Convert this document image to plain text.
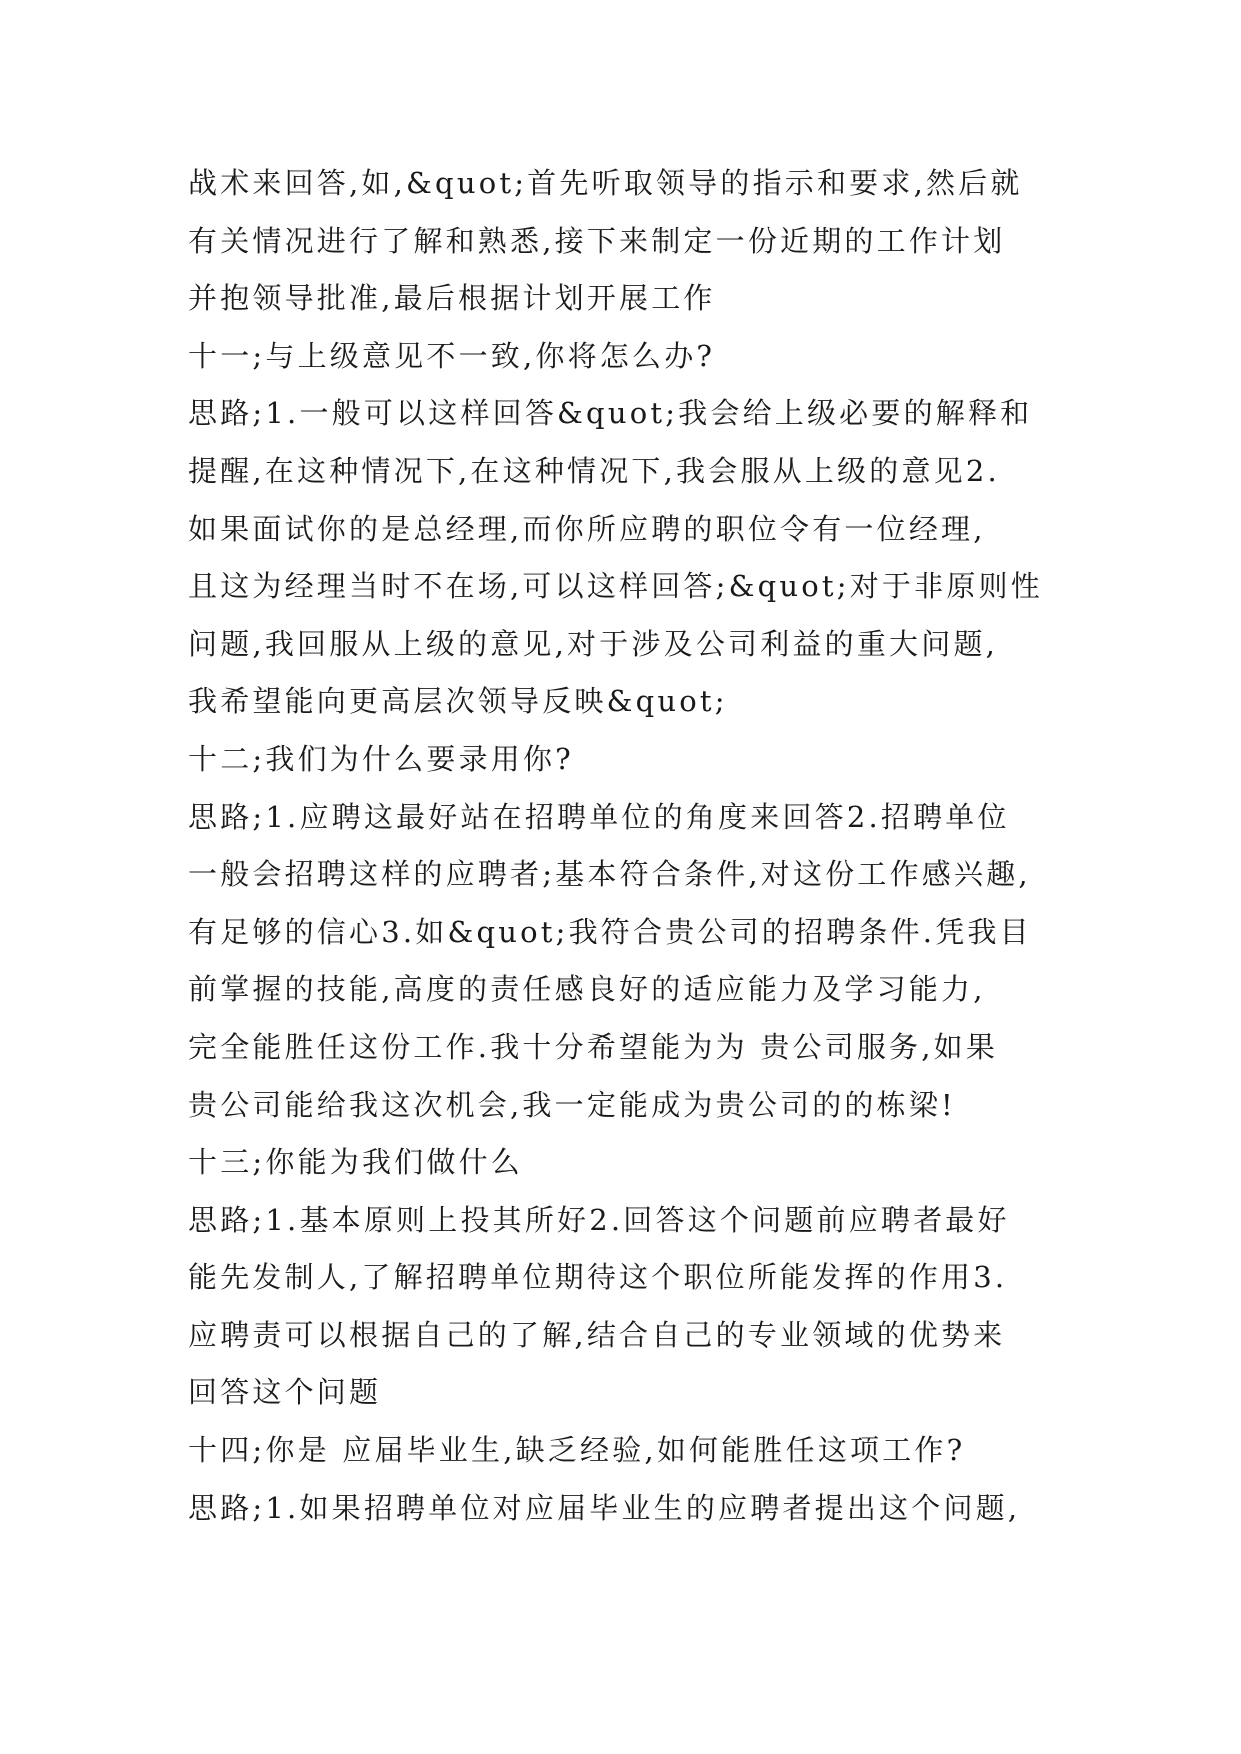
战术来回答,如,&quot;首先听取领导的指示和要求,然后就
有关情况进行了解和熟悉,接下来制定一份近期的工作计划
并抱领导批准,最后根据计划开展工作
十一;与上级意见不一致,你将怎么办?
思路;1.一般可以这样回答&quot;我会给上级必要的解释和
提醒,在这种情况下,在这种情况下,我会服从上级的意见2.
如果面试你的是总经理,而你所应聘的职位令有一位经理,
且这为经理当时不在场,可以这样回答;&quot;对于非原则性
问题,我回服从上级的意见,对于涉及公司利益的重大问题,
我希望能向更高层次领导反映&quot;
十二;我们为什么要录用你?
思路;1.应聘这最好站在招聘单位的角度来回答2.招聘单位
一般会招聘这样的应聘者;基本符合条件,对这份工作感兴趣,
有足够的信心3.如&quot;我符合贵公司的招聘条件.凭我目
前掌握的技能,高度的责任感良好的适应能力及学习能力,
完全能胜任这份工作.我十分希望能为为 贵公司服务,如果
贵公司能给我这次机会,我一定能成为贵公司的的栋梁!
十三;你能为我们做什么
思路;1.基本原则上投其所好2.回答这个问题前应聘者最好
能先发制人,了解招聘单位期待这个职位所能发挥的作用3.
应聘责可以根据自己的了解,结合自己的专业领域的优势来
回答这个问题
十四;你是 应届毕业生,缺乏经验,如何能胜任这项工作?
思路;1.如果招聘单位对应届毕业生的应聘者提出这个问题,
